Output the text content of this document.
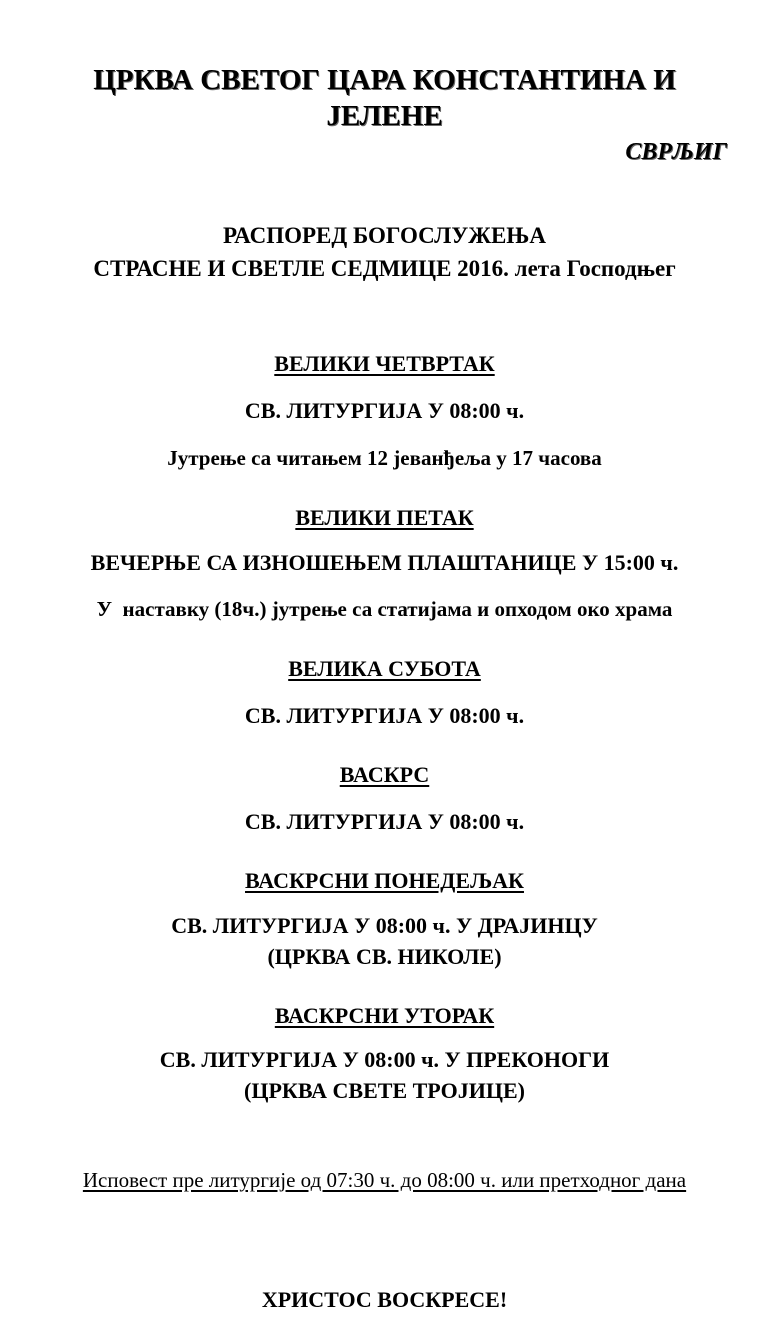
ЦРКВА СВЕТОГ ЦАРА КОНСТАНТИНА И
ЈЕЛЕНЕ
СВРЉИГ
РАСПОРЕД БОГОСЛУЖЕЊА
СТРАСНЕ И СВЕТЛЕ СЕДМИЦЕ 2016. лета Господњег
ВЕЛИКИ ЧЕТВРТАК
СВ. ЛИТУРГИЈА У 08:00 ч.
Јутрење са читањем 12 јеванђеља у 17 часова
ВЕЛИКИ ПЕТАК
ВЕЧЕРЊЕ СА ИЗНОШЕЊЕМ ПЛАШТАНИЦЕ У 15:00 ч.
У  наставку (18ч.) јутрење са статијама и опходом око храма
ВЕЛИКА СУБОТА
СВ. ЛИТУРГИЈА У 08:00 ч.
ВАСКРС
СВ. ЛИТУРГИЈА У 08:00 ч.
ВАСКРСНИ ПОНЕДЕЉАК
СВ. ЛИТУРГИЈА У 08:00 ч. У ДРАЈИНЦУ
(ЦРКВА СВ. НИКОЛЕ)
ВАСКРСНИ УТОРАК
СВ. ЛИТУРГИЈА У 08:00 ч. У ПРЕКОНОГИ
(ЦРКВА СВЕТЕ ТРОЈИЦЕ)
Исповест пре литургије од 07:30 ч. до 08:00 ч. или претходног дана
ХРИСТОС ВОСКРЕСЕ!
